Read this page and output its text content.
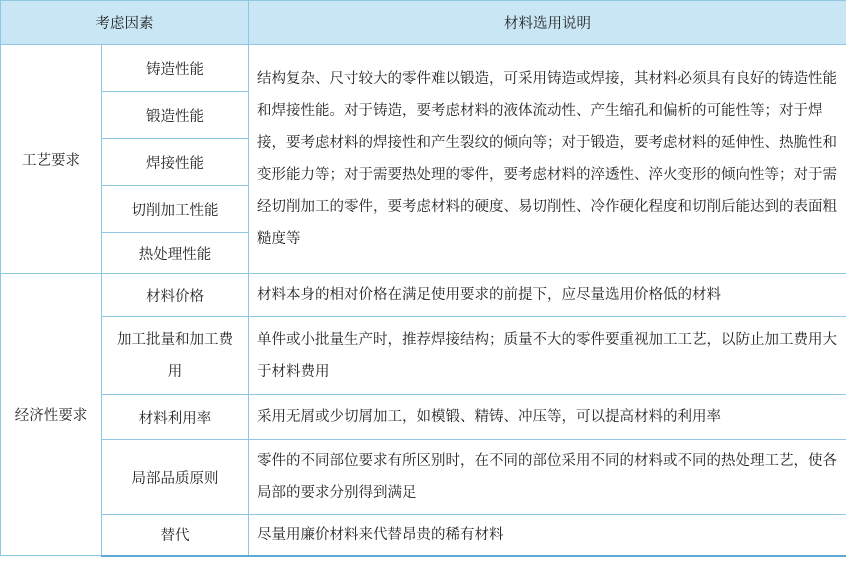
考虑因素		材料选用说明
工艺要求	铸造性能	结构复杂、尺寸较大的零件难以锻造，可采用铸造或焊接，其材料必须具有良好的铸造性能和焊接性能。对于铸造，要考虑材料的液体流动性、产生缩孔和偏析的可能性等；对于焊接，要考虑材料的焊接性和产生裂纹的倾向等；对于锻造，要考虑材料的延伸性、热脆性和变形能力等；对于需要热处理的零件，要考虑材料的淬透性、淬火变形的倾向性等；对于需经切削加工的零件，要考虑材料的硬度、易切削性、冷作硬化程度和切削后能达到的表面粗糙度等
	锻造性能	
	焊接性能	
	切削加工性能	
	热处理性能	
经济性要求	材料价格	材料本身的相对价格在满足使用要求的前提下，应尽量选用价格低的材料
	加工批量和加工费用	单件或小批量生产时，推荐焊接结构；质量不大的零件要重视加工工艺，以防止加工费用大于材料费用
	材料利用率	采用无屑或少切屑加工，如模锻、精铸、冲压等，可以提高材料的利用率
	局部品质原则	零件的不同部位要求有所区别时，在不同的部位采用不同的材料或不同的热处理工艺，使各局部的要求分别得到满足
	替代	尽量用廉价材料来代替昂贵的稀有材料
